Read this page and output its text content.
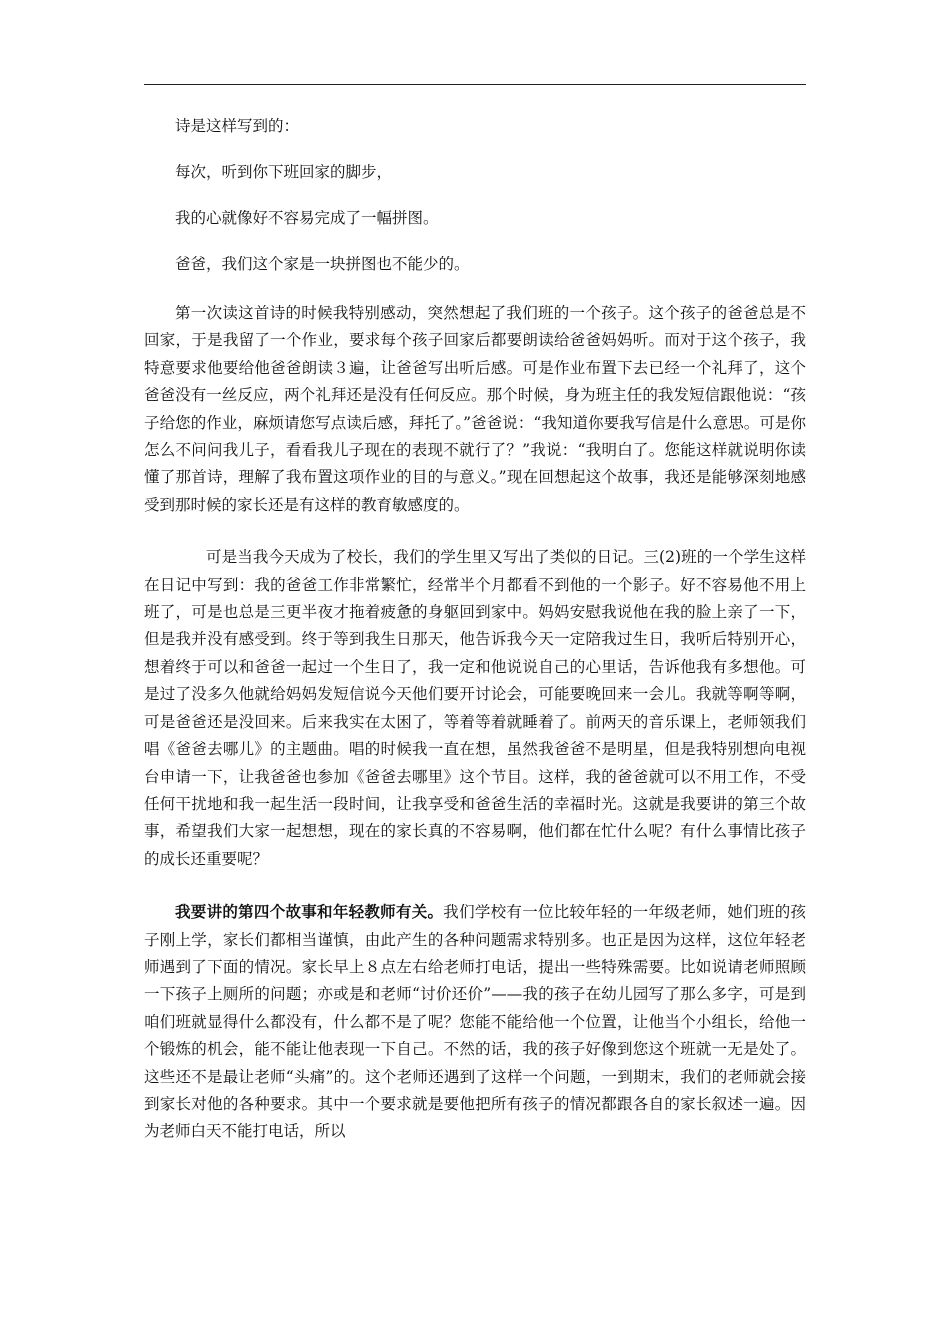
诗是这样写到的：

每次，听到你下班回家的脚步，

我的心就像好不容易完成了一幅拼图。

爸爸，我们这个家是一块拼图也不能少的。

第一次读这首诗的时候我特别感动，突然想起了我们班的一个孩子。这个孩子的爸爸总是不回家，于是我留了一个作业，要求每个孩子回家后都要朗读给爸爸妈妈听。而对于这个孩子，我特意要求他要给他爸爸朗读３遍，让爸爸写出听后感。可是作业布置下去已经一个礼拜了，这个爸爸没有一丝反应，两个礼拜还是没有任何反应。那个时候，身为班主任的我发短信跟他说：“孩子给您的作业，麻烦请您写点读后感，拜托了。”爸爸说：“我知道你要我写信是什么意思。可是你怎么不问问我儿子，看看我儿子现在的表现不就行了？”我说：“我明白了。您能这样就说明你读懂了那首诗，理解了我布置这项作业的目的与意义。”现在回想起这个故事，我还是能够深刻地感受到那时候的家长还是有这样的教育敏感度的。

可是当我今天成为了校长，我们的学生里又写出了类似的日记。三(2)班的一个学生这样在日记中写到：我的爸爸工作非常繁忙，经常半个月都看不到他的一个影子。好不容易他不用上班了，可是也总是三更半夜才拖着疲惫的身躯回到家中。妈妈安慰我说他在我的脸上亲了一下，但是我并没有感受到。终于等到我生日那天，他告诉我今天一定陪我过生日，我听后特别开心，想着终于可以和爸爸一起过一个生日了，我一定和他说说自己的心里话，告诉他我有多想他。可是过了没多久他就给妈妈发短信说今天他们要开讨论会，可能要晚回来一会儿。我就等啊等啊，可是爸爸还是没回来。后来我实在太困了，等着等着就睡着了。前两天的音乐课上，老师领我们唱《爸爸去哪儿》的主题曲。唱的时候我一直在想，虽然我爸爸不是明星，但是我特别想向电视台申请一下，让我爸爸也参加《爸爸去哪里》这个节目。这样，我的爸爸就可以不用工作，不受任何干扰地和我一起生活一段时间，让我享受和爸爸生活的幸福时光。这就是我要讲的第三个故事，希望我们大家一起想想，现在的家长真的不容易啊，他们都在忙什么呢？有什么事情比孩子的成长还重要呢？

我要讲的第四个故事和年轻教师有关。我们学校有一位比较年轻的一年级老师，她们班的孩子刚上学，家长们都相当谨慎，由此产生的各种问题需求特别多。也正是因为这样，这位年轻老师遇到了下面的情况。家长早上８点左右给老师打电话，提出一些特殊需要。比如说请老师照顾一下孩子上厕所的问题；亦或是和老师“讨价还价”——我的孩子在幼儿园写了那么多字，可是到咱们班就显得什么都没有，什么都不是了呢？您能不能给他一个位置，让他当个小组长，给他一个锻炼的机会，能不能让他表现一下自己。不然的话，我的孩子好像到您这个班就一无是处了。这些还不是最让老师“头痛”的。这个老师还遇到了这样一个问题，一到期末，我们的老师就会接到家长对他的各种要求。其中一个要求就是要他把所有孩子的情况都跟各自的家长叙述一遍。因为老师白天不能打电话，所以
